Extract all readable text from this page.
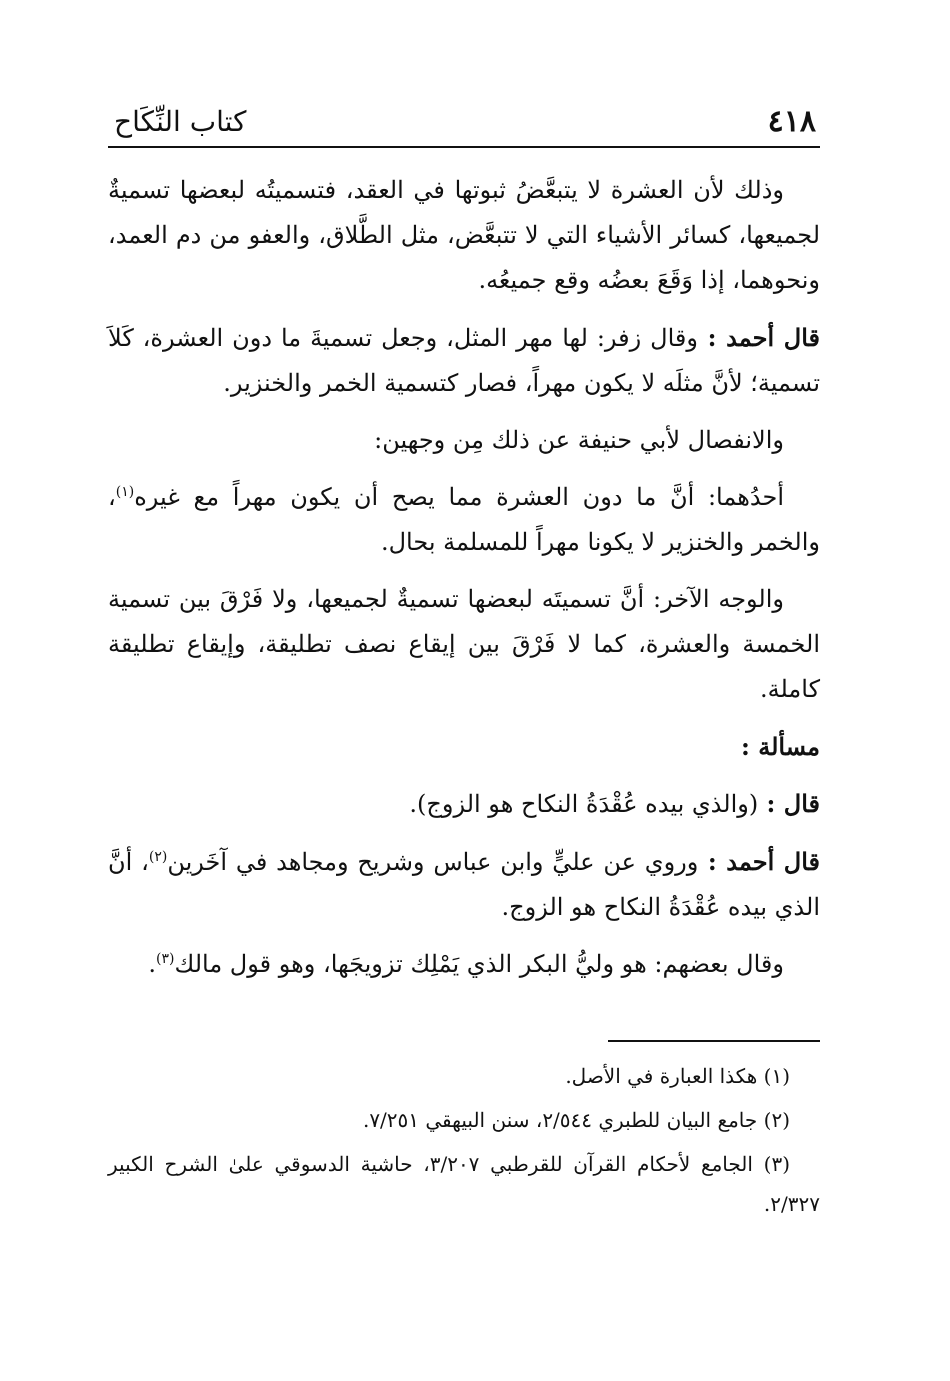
٤١٨
كتاب النِّكَاح

وذلك لأن العشرة لا يتبعَّضُ ثبوتها في العقد، فتسميتُه لبعضها تسميةٌ لجميعها، كسائر الأشياء التي لا تتبعَّض، مثل الطَّلاق، والعفو من دم العمد، ونحوهما، إذا وَقَعَ بعضُه وقع جميعُه.

قال أحمد : وقال زفر: لها مهر المثل، وجعل تسميةَ ما دون العشرة، كَلاَ تسمية؛ لأنَّ مثلَه لا يكون مهراً، فصار كتسمية الخمر والخنزير.

والانفصال لأبي حنيفة عن ذلك مِن وجهين:

أحدُهما: أنَّ ما دون العشرة مما يصح أن يكون مهراً مع غيره$^{(١)}$، والخمر والخنزير لا يكونا مهراً للمسلمة بحال.

والوجه الآخر: أنَّ تسميتَه لبعضها تسميةٌ لجميعها، ولا فَرْقَ بين تسمية الخمسة والعشرة، كما لا فَرْقَ بين إيقاع نصف تطليقة، وإيقاع تطليقة كاملة.

مسألة :

قال : (والذي بيده عُقْدَةُ النكاح هو الزوج).

قال أحمد : وروي عن عليٍّ وابن عباس وشريح ومجاهد في آخَرين$^{(٢)}$، أنَّ الذي بيده عُقْدَةُ النكاح هو الزوج.

وقال بعضهم: هو وليُّ البكر الذي يَمْلِك تزويجَها، وهو قول مالك$^{(٣)}$.

(١) هكذا العبارة في الأصل.

(٢) جامع البيان للطبري ٢/٥٤٤، سنن البيهقي ٧/٢٥١.

(٣) الجامع لأحكام القرآن للقرطبي ٣/٢٠٧، حاشية الدسوقي علىٰ الشرح الكبير ٢/٣٢٧.
